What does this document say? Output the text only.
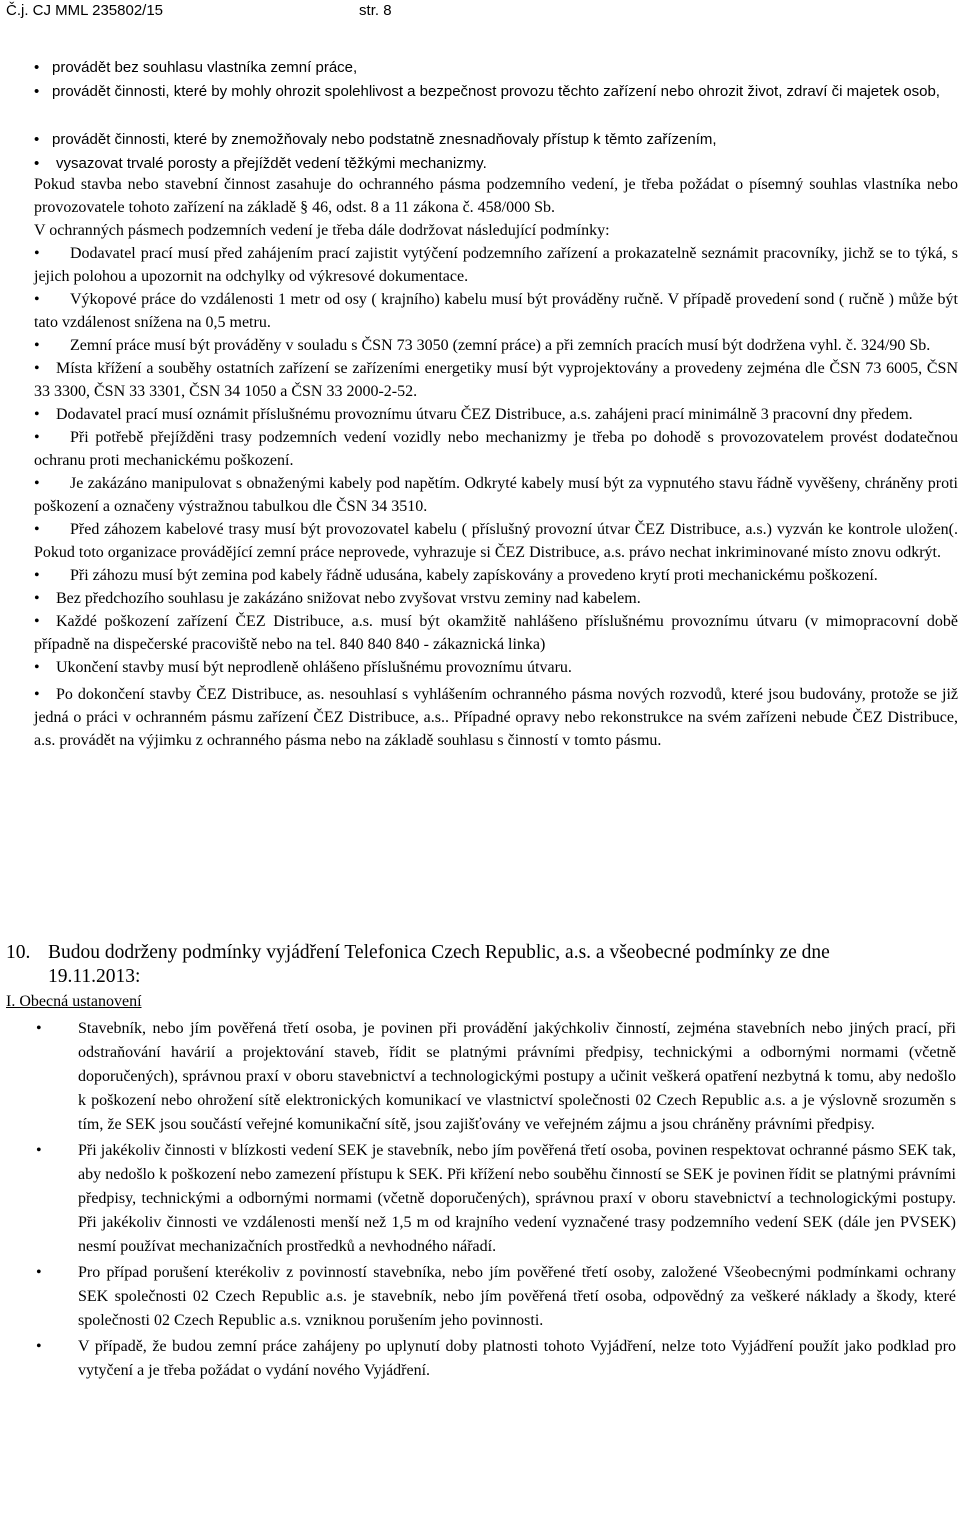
Č.j. CJ MML 235802/15	str. 8
• provádět bez souhlasu vlastníka zemní práce,
• provádět činnosti, které by mohly ohrozit spolehlivost a bezpečnost provozu těchto zařízení nebo ohrozit život, zdraví či majetek osob,
• provádět činnosti, které by znemožňovaly nebo podstatně znesnadňovaly přístup k těmto zařízením,
• vysazovat trvalé porosty a přejíždět vedení těžkými mechanizmy.

Pokud stavba nebo stavební činnost zasahuje do ochranného pásma podzemního vedení, je třeba požádat o písemný souhlas vlastníka nebo provozovatele tohoto zařízení na základě § 46, odst. 8 a 11 zákona č. 458/000 Sb.

V ochranných pásmech podzemních vedení je třeba dále dodržovat následující podmínky:

• Dodavatel prací musí před zahájením prací zajistit vytýčení podzemního zařízení a prokazatelně seznámit pracovníky, jichž se to týká, s jejich polohou a upozornit na odchylky od výkresové dokumentace.

• Výkopové práce do vzdálenosti 1 metr od osy ( krajního) kabelu musí být prováděny ručně. V případě provedení sond ( ručně ) může být tato vzdálenost snížena na 0,5 metru.

• Zemní práce musí být prováděny v souladu s ČSN 73 3050 (zemní práce) a při zemních pracích musí být dodržena vyhl. č. 324/90 Sb.

• Místa křížení a souběhy ostatních zařízení se zařízeními energetiky musí být vyprojektovány a provedeny zejména dle ČSN 73 6005, ČSN 33 3300, ČSN 33 3301, ČSN 34 1050 a ČSN 33 2000-2-52.

• Dodavatel prací musí oznámit příslušnému provoznímu útvaru ČEZ Distribuce, a.s. zahájeni prací minimálně 3 pracovní dny předem.

• Při potřebě přejížděni trasy podzemních vedení vozidly nebo mechanizmy je třeba po dohodě s provozovatelem provést dodatečnou ochranu proti mechanickému poškození.

• Je zakázáno manipulovat s obnaženými kabely pod napětím. Odkryté kabely musí být za vypnutého stavu řádně vyvěšeny, chráněny proti poškození a označeny výstražnou tabulkou dle ČSN 34 3510.

• Před záhozem kabelové trasy musí být provozovatel kabelu ( příslušný provozní útvar ČEZ Distribuce, a.s.) vyzván ke kontrole uložen(. Pokud toto organizace provádějící zemní práce neprovede, vyhrazuje si ČEZ Distribuce, a.s. právo nechat inkriminované místo znovu odkrýt.

• Při záhozu musí být zemina pod kabely řádně udusána, kabely zapískovány a provedeno krytí proti mechanickému poškození.

• Bez předchozího souhlasu je zakázáno snižovat nebo zvyšovat vrstvu zeminy nad kabelem.

• Každé poškození zařízení ČEZ Distribuce, a.s. musí být okamžitě nahlášeno příslušnému provoznímu útvaru (v mimopracovní době případně na dispečerské pracoviště nebo na tel. 840 840 840 - zákaznická linka)

• Ukončení stavby musí být neprodleně ohlášeno příslušnému provoznímu útvaru.

• Po dokončení stavby ČEZ Distribuce, as. nesouhlasí s vyhlášením ochranného pásma nových rozvodů, které jsou budovány, protože se již jedná o práci v ochranném pásmu zařízení ČEZ Distribuce, a.s.. Případné opravy nebo rekonstrukce na svém zařízeni nebude ČEZ Distribuce, a.s. provádět na výjimku z ochranného pásma nebo na základě souhlasu s činností v tomto pásmu.

10. Budou dodrženy podmínky vyjádření Telefonica Czech Republic, a.s. a všeobecné podmínky ze dne
19.11.2013:
I. Obecná ustanovení
• Stavebník, nebo jím pověřená třetí osoba, je povinen při provádění jakýchkoliv činností, zejména stavebních nebo jiných prací, při odstraňování havárií a projektování staveb, řídit se platnými právními předpisy, technickými a odbornými normami (včetně doporučených), správnou praxí v oboru stavebnictví a technologickými postupy a učinit veškerá opatření nezbytná k tomu, aby nedošlo k poškození nebo ohrožení sítě elektronických komunikací ve vlastnictví společnosti 02 Czech Republic a.s. a je výslovně srozuměn s tím, že SEK jsou součástí veřejné komunikační sítě, jsou zajišťovány ve veřejném zájmu a jsou chráněny právními předpisy.
• Při jakékoliv činnosti v blízkosti vedení SEK je stavebník, nebo jím pověřená třetí osoba, povinen respektovat ochranné pásmo SEK tak, aby nedošlo k poškození nebo zamezení přístupu k SEK. Při křížení nebo souběhu činností se SEK je povinen řídit se platnými právními předpisy, technickými a odbornými normami (včetně doporučených), správnou praxí v oboru stavebnictví a technologickými postupy. Při jakékoliv činnosti ve vzdálenosti menší než 1,5 m od krajního vedení vyznačené trasy podzemního vedení SEK (dále jen PVSEK) nesmí používat mechanizačních prostředků a nevhodného nářadí.
• Pro případ porušení kterékoliv z povinností stavebníka, nebo jím pověřené třetí osoby, založené Všeobecnými podmínkami ochrany SEK společnosti 02 Czech Republic a.s. je stavebník, nebo jím pověřená třetí osoba, odpovědný za veškeré náklady a škody, které společnosti 02 Czech Republic a.s. vzniknou porušením jeho povinnosti.
• V případě, že budou zemní práce zahájeny po uplynutí doby platnosti tohoto Vyjádření, nelze toto Vyjádření použít jako podklad pro vytyčení a je třeba požádat o vydání nového Vyjádření.
